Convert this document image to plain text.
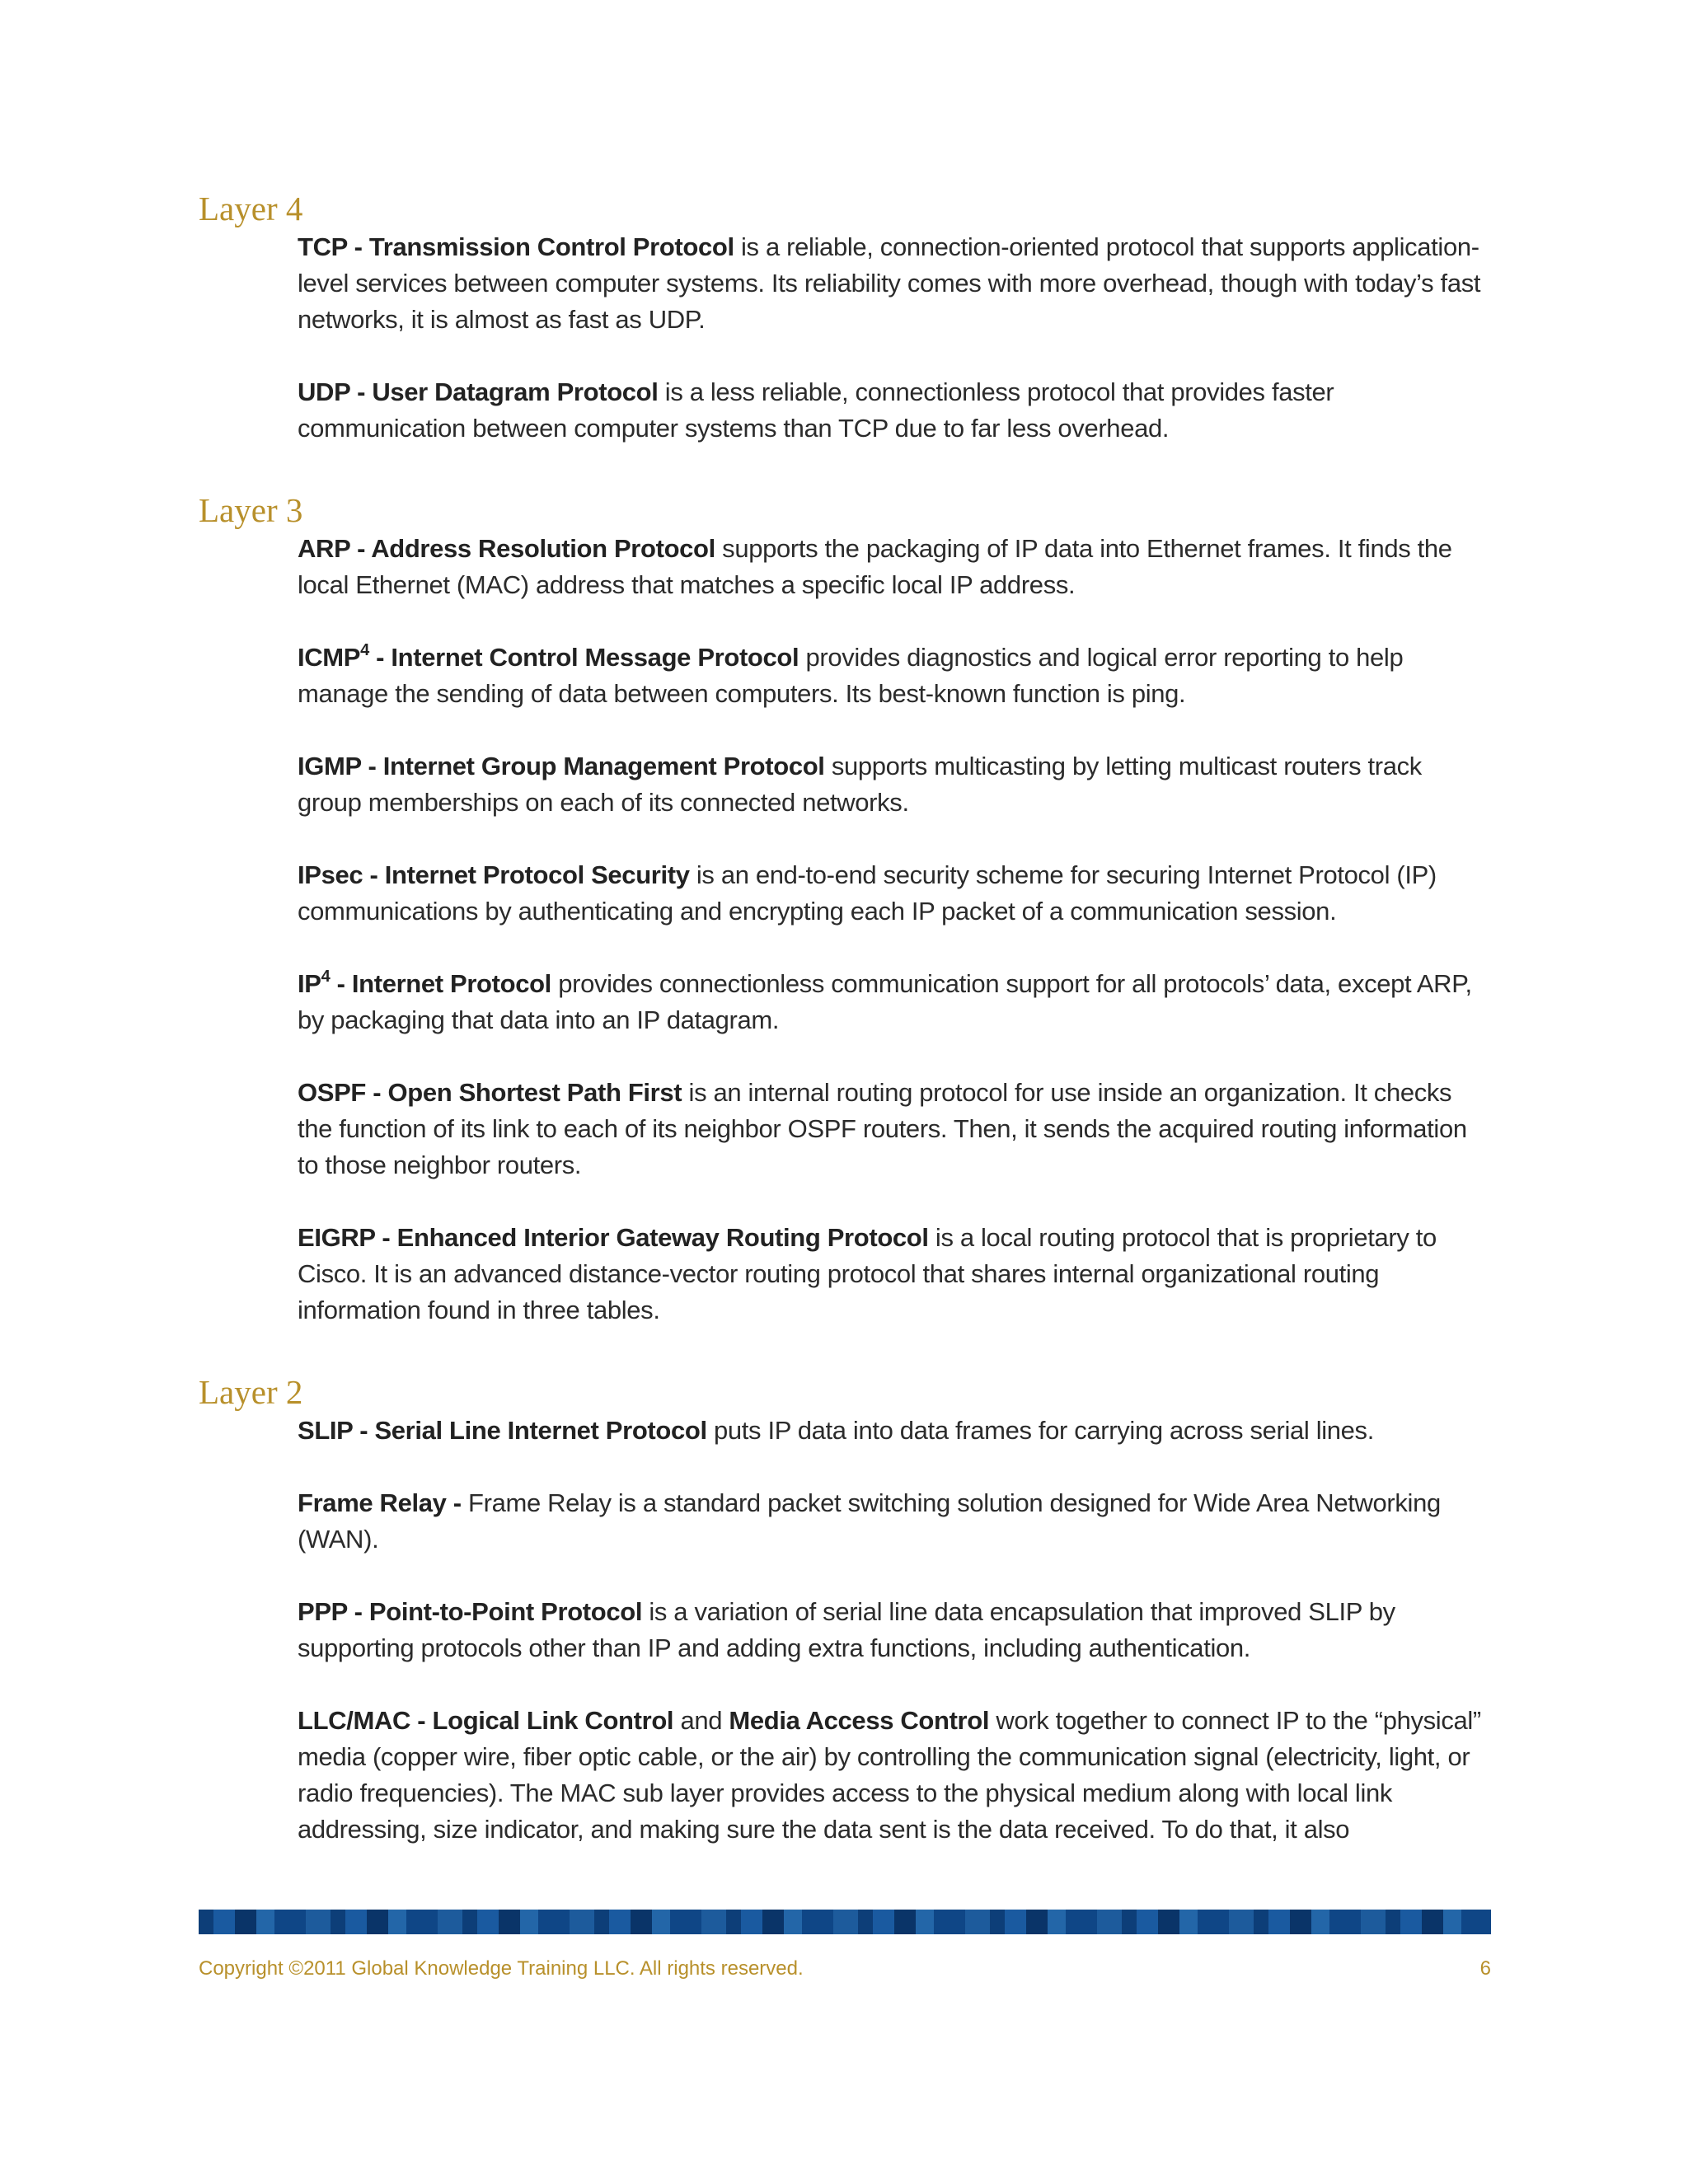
Layer 4

TCP - Transmission Control Protocol is a reliable, connection-oriented protocol that supports application-level services between computer systems. Its reliability comes with more overhead, though with today’s fast networks, it is almost as fast as UDP.

UDP - User Datagram Protocol is a less reliable, connectionless protocol that provides faster communication between computer systems than TCP due to far less overhead.

Layer 3

ARP - Address Resolution Protocol supports the packaging of IP data into Ethernet frames. It finds the local Ethernet (MAC) address that matches a specific local IP address.

ICMP$^4$ - Internet Control Message Protocol provides diagnostics and logical error reporting to help manage the sending of data between computers. Its best-known function is ping.

IGMP - Internet Group Management Protocol supports multicasting by letting multicast routers track group memberships on each of its connected networks.

IPsec - Internet Protocol Security is an end-to-end security scheme for securing Internet Protocol (IP) communications by authenticating and encrypting each IP packet of a communication session.

$IP^4$ - Internet Protocol provides connectionless communication support for all protocols’ data, except ARP, by packaging that data into an IP datagram.

OSPF - Open Shortest Path First is an internal routing protocol for use inside an organization. It checks the function of its link to each of its neighbor OSPF routers. Then, it sends the acquired routing information to those neighbor routers.

EIGRP - Enhanced Interior Gateway Routing Protocol is a local routing protocol that is proprietary to Cisco. It is an advanced distance-vector routing protocol that shares internal organizational routing information found in three tables.

Layer 2

SLIP - Serial Line Internet Protocol puts IP data into data frames for carrying across serial lines.

Frame Relay - Frame Relay is a standard packet switching solution designed for Wide Area Networking (WAN).

PPP - Point-to-Point Protocol is a variation of serial line data encapsulation that improved SLIP by supporting protocols other than IP and adding extra functions, including authentication.

LLC/MAC - Logical Link Control and Media Access Control work together to connect IP to the “physical” media (copper wire, fiber optic cable, or the air) by controlling the communication signal (electricity, light, or radio frequencies). The MAC sub layer provides access to the physical medium along with local link addressing, size indicator, and making sure the data sent is the data received. To do that, it also

Copyright ©2011 Global Knowledge Training LLC. All rights reserved.	6
